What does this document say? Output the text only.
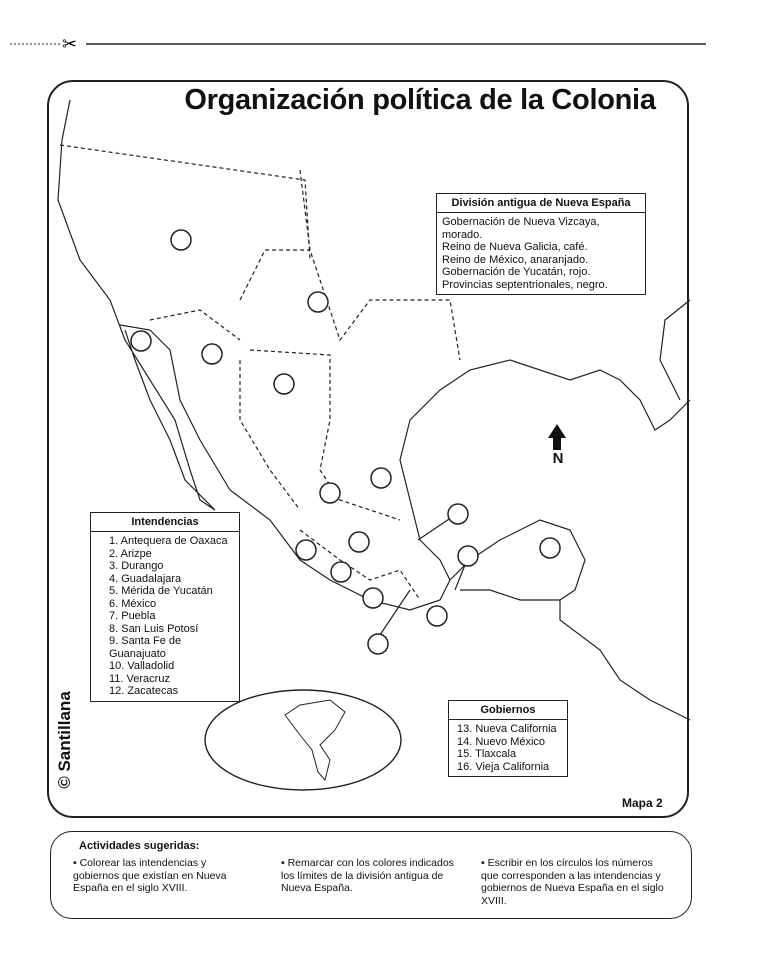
✂
Organización política de la Colonia
División antigua de Nueva España
Gobernación de Nueva Vizcaya, morado.
Reino de Nueva Galicia, café.
Reino de México, anaranjado.
Gobernación de Yucatán, rojo.
Provincias septentrionales, negro.
Intendencias
1. Antequera de Oaxaca
2. Arizpe
3. Durango
4. Guadalajara
5. Mérida de Yucatán
6. México
7. Puebla
8. San Luis Potosí
9. Santa Fe de Guanajuato
10. Valladolid
11. Veracruz
12. Zacatecas
Gobiernos
13. Nueva California
14. Nuevo México
15. Tlaxcala
16. Vieja California
N
Mapa 2
© Santillana
Actividades sugeridas:
• Colorear las intendencias y gobiernos que existían en Nueva España en el siglo XVIII.
• Remarcar con los colores indicados los límites de la división antigua de Nueva España.
• Escribir en los círculos los números que corresponden a las intendencias y gobiernos de Nueva España en el siglo XVIII.
